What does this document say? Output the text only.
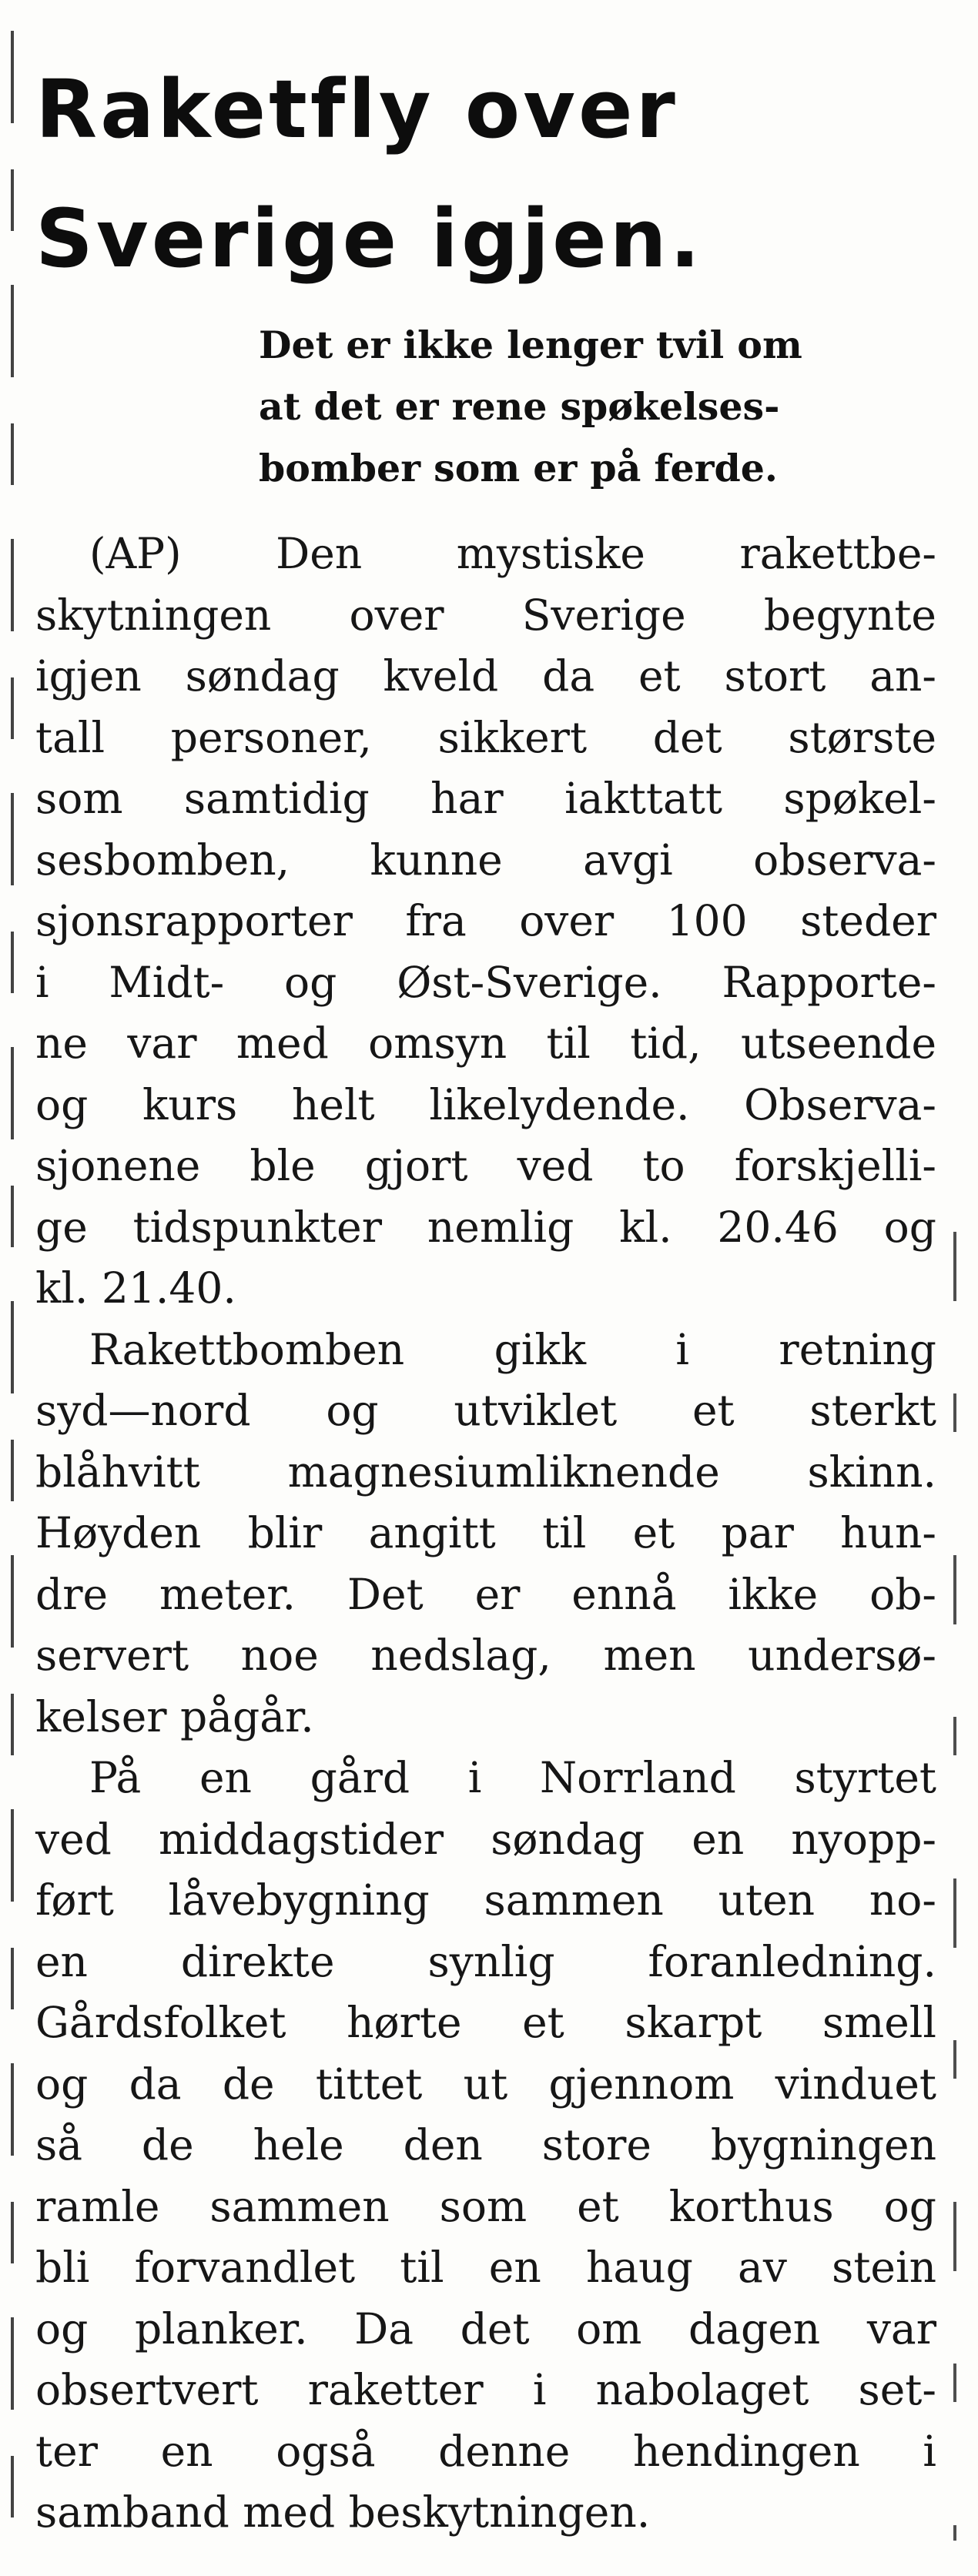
Raketfly over
Sverige igjen.
Det er ikke lenger tvil om
at det er rene spøkelses-
bomber som er på ferde.
(AP) Den mystiske rakettbe-
skytningen over Sverige begynte
igjen søndag kveld da et stort an-
tall personer, sikkert det største
som samtidig har iakttatt spøkel-
sesbomben, kunne avgi observa-
sjonsrapporter fra over 100 steder
i Midt- og Øst-Sverige. Rapporte-
ne var med omsyn til tid, utseende
og kurs helt likelydende. Observa-
sjonene ble gjort ved to forskjelli-
ge tidspunkter nemlig kl. 20.46 og
kl. 21.40.
Rakettbomben gikk i retning
syd—nord og utviklet et sterkt
blåhvitt magnesiumliknende skinn.
Høyden blir angitt til et par hun-
dre meter. Det er ennå ikke ob-
servert noe nedslag, men undersø-
kelser pågår.
På en gård i Norrland styrtet
ved middagstider søndag en nyopp-
ført låvebygning sammen uten no-
en direkte synlig foranledning.
Gårdsfolket hørte et skarpt smell
og da de tittet ut gjennom vinduet
så de hele den store bygningen
ramle sammen som et korthus og
bli forvandlet til en haug av stein
og planker. Da det om dagen var
obsertvert raketter i nabolaget set-
ter en også denne hendingen i
samband med beskytningen.
